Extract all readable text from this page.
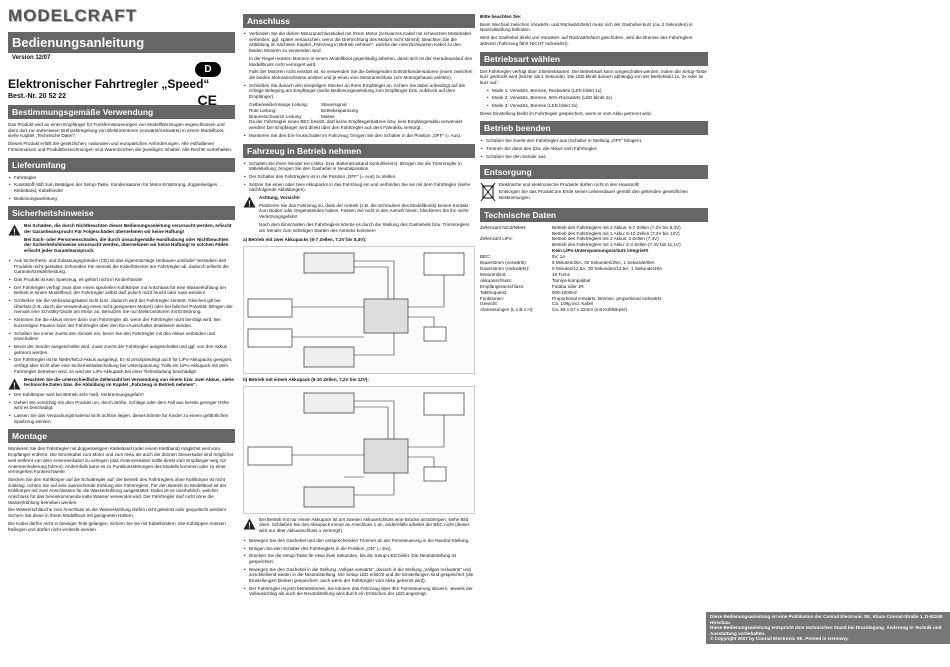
MODELCRAFT
Bedienungsanleitung
Version 12/07
D
Elektronischer Fahrtregler „Speed“
CE
Best.-Nr. 20 52 22
Bestimmungsgemäße Verwendung

Das Produkt wird an einen Empfänger für Funkfernsteuerungen von Modellfahrzeugen angeschlossen und dient dort zur stufenlosen Drehzahlregelung von Elektromotoren (vorwärts/rückwärts) in einem Modellboot, siehe Kapitel „Technische Daten“.

Dieses Produkt erfüllt die gesetzlichen, nationalen und europäischen Anforderungen. Alle enthaltenen Firmennamen und Produktbezeichnungen sind Warenzeichen der jeweiligen Inhaber. Alle Rechte vorbehalten.

Lieferumfang
• Fahrtregler
• Kunststoff-Stift zum Betätigen der Setup-Taste, Kondensatoren für Motor-Entstörung, doppelseitiges Klebeband, Kabelbinder
• Bedienungsanleitung
Sicherheitshinweise
!

Bei Schäden, die durch Nichtbeachten dieser Bedienungsanleitung verursacht werden, erlischt der Garantieanspruch! Für Folgeschäden übernehmen wir keine Haftung!

Bei Sach- oder Personenschäden, die durch unsachgemäße Handhabung oder Nichtbeachten der Sicherheitshinweise verursacht werden, übernehmen wir keine Haftung! In solchen Fällen erlischt jeder Garantieanspruch.

• Aus Sicherheits- und Zulassungsgründen (CE) ist das eigenmächtige Umbauen und/oder Verändern des Produkts nicht gestattet. Schneiden Sie niemals die Kabel/Stecker am Fahrtregler ab, dadurch erlischt die Garantie/Gewährleistung.
• Das Produkt ist kein Spielzeug, es gehört nicht in Kinderhände!
• Der Fahrtregler verfügt zwar über einen speziellen Kühlkörper mit Anschluss für eine Wasserkühlung bei Betrieb in einem Modellboot, der Fahrtregler selbst darf jedoch nicht feucht oder nass werden!
• Schließen Sie die Verbindungskabel nicht kurz, dadurch wird der Fahrtregler zerstört. Gleiches gilt bei Überlast (z.B. durch die Verwendung eines nicht geeigneten Motors) oder bei falscher Polarität. Bringen Sie niemals eine Schottky-Diode am Motor an. Benutzen Sie nur Elektromotoren mit Entstörung.
• Klemmen Sie die Akkus immer dann vom Fahrtregler ab, wenn der Fahrtregler nicht benötigt wird. Bei kurzzeitigen Pausen kann der Fahrtregler über den Ein-/Ausschalter deaktiviert werden.
• Schalten Sie immer zuerst den Sender ein, bevor Sie den Fahrtregler mit den Akkus verbinden und einschalten!
• Bevor der Sender ausgeschaltet wird, muss zuerst der Fahrtregler ausgeschaltet und ggf. von den Akkus getrennt werden.
• Der Fahrtregler ist für NiMH/NiCd-Akkus ausgelegt. Er ist prinzipbedingt auch für LiPo-Akkupacks geeignet, verfügt aber nicht über eine Sicherheitsabschaltung bei Unterspannung. Falls ein LiPo-Akkupack mit dem Fahrtregler betrieben wird, so wird der LiPo-Akkupack bei einer Tiefentladung beschädigt!
!

Beachten Sie die unterschiedliche Zellenzahl bei Verwendung von einem bzw. zwei Akkus, siehe technische Daten bzw. die Abbildung im Kapitel „Fahrzeug in Betrieb nehmen“.

• Der Kühlkörper wird bei Betrieb sehr heiß, Verbrennungsgefahr!
• Gehen Sie vorsichtig mit dem Produkt um, durch Stöße, Schläge oder dem Fall aus bereits geringer Höhe wird es beschädigt.
• Lassen Sie das Verpackungsmaterial nicht achtlos liegen, dieses könnte für Kinder zu einem gefährlichen Spielzeug werden.
Montage

Montieren Sie den Fahrtregler mit doppelseitigem Klebeband (oder einem Klettband) möglichst weit vom Empfänger entfernt. Die Stromkabel zum Motor und zum Akku als auch die dünnen Steuerkabel sind möglichst weit entfernt von dem Antennenkabel zu verlegen (das Antennenkabel sollte direkt vom Empfänger weg zur Antennenhalterung führen). Andernfalls kann es zu Funktionsstörungen des Modells kommen oder zu einer verringerten Funkreichweite.

Stecken Sie den Kühlkörper auf die Schaltregler auf; der Betrieb des Fahrtreglers ohne Kühlkörper ist nicht zulässig. Achten Sie auf eine ausreichende Kühlung des Fahrtreglers. Für den Betrieb im Modellboot ist der Kühlkörper mit zwei Anschlüssen für die Wasserkühlung ausgestattet. Dabei ist es unerheblich, welcher Anschluss für das hereinkommende kalte Wasser verwendet wird. Der Fahrtregler darf nicht ohne die Wasserkühlung betrieben werden.

Die Wasserschläuche zum Anschluss an die Wasserkühlung dürfen nicht geknickt oder gequetscht werden! Sichern Sie diese in Ihrem Modellboot mit geeigneten Haltern.

Die Kabel dürfen nicht in bewegte Teile gelangen; sichern Sie sie mit Kabelbindern. Die Kühlrippen müssen freiliegen und dürfen nicht verdeckt werden.

Anschluss
• Verbinden Sie die dicken Motoranschlusskabel mit Ihrem Motor (schwarzes Kabel mit schwarzem Motorkabel verbinden; ggf. später vertauschen, wenn die Drehrichtung des Motors nicht stimmt). Beachten Sie die Abbildung im nächsten Kapitel „Fahrzeug in Betrieb nehmen“, welche der roten/schwarzen Kabel zu den beiden Motoren zu verwenden sind.

In der Regel müssen Motoren in einem Modellboot gegenläufig arbeiten, damit sich ist der Geradeauslauf des Modellboots nicht verringert wird.

Falls der Motoren nicht entstört ist, so verwenden Sie die beiliegenden Entstörkondensatoren (einen zwischen die beiden Motoranschlüsse anlöten und je einen vom Motoranschluss zum Motorgehäuse anlöten).

• Schließen Sie danach den dreipoligen Stecker an Ihren Empfänger an. Achten Sie dabei unbedingt auf die richtige Belegung am Empfänger (siehe Bedienungsanleitung zum Empfänger bzw. Aufdruck auf dem Empfänger).
Gelbe/weiße/orange Leitung:	Steuersignal
Rote Leitung:	Betriebsspannung
Braune/schwarze Leitung:	Masse

Da der Fahrtregler einen BEC besitzt, darf keine Empfängerbatterie bzw. kein Empfängerakku verwendet werden! Der Empfänger wird direkt über den Fahrtregler aus dem Fahrakku versorgt.

• Montieren Sie den Ein-/Ausschalter im Fahrzeug; bringen Sie den Schalter in die Position „OFF“ (= Aus).
Fahrzeug in Betrieb nehmen
• Schalten Sie Ihren Sender ein (Akku- bzw. Batteriezustand kontrollieren!). Bringen Sie die Trimmregler in Mittelstellung; bringen Sie den Gashebel in Neutralposition.
• Der Schalter des Fahrtreglers ist in die Position „OFF“ (= Aus) zu stellen.
• Setzen Sie einen oder zwei Akkupacks in das Fahrzeug ein und verbinden Sie sie mit dem Fahrtregler (siehe nachfolgende Abbildungen).
!

Achtung, Vorsicht!

Platzieren Sie das Fahrzeug so, dass der Antrieb (z.B. die Schrauben des Modellboots) keinen Kontakt zum Boden oder Gegenständen haben. Fassen Sie nicht in den Antrieb hinein, blockieren Sie ihn nicht! Verletzungsgefahr!

Nach dem Einschalten des Fahrtreglers könnte es durch die Stellung des Gashebels bzw. Trimmreglers am Sender zum sofortigen Starten des Antriebs kommen!

a) Betrieb mit zwei Akkupacks (6-7 Zellen, 7,2V bis 8,4V):

b) Betrieb mit einem Akkupack (6-10 Zellen, 7,2V bis 12V):

!

Bei Betrieb mit nur einem Akkupack ist am zweiten Akkuanschluss eine Brücke anzubringen, siehe Bild oben. Schließen Sie den Akkupack immer an Anschluss 1 an, andernfalls arbeitet der BEC nicht (dieser wird nur über Akkuanschluss 1 versorgt!).

• Bewegen Sie den Gashebel und den entsprechenden Trimmer an der Fernsteuerung in die Neutral-Stellung.
• Bringen Sie den Schalter des Fahrtreglers in die Position „ON“ (= Ein).
• Drücken Sie die Setup-Taste für etwa zwei Sekunden, bis die Setup-LED blinkt. Die Neutralstellung ist gespeichert.
• Bewegen Sie den Gashebel in die Stellung „Vollgas vorwärts“, danach in die Stellung „Vollgas rückwärts“ und anschließend wieder in die Neutralstellung. Die Setup-LED erlischt und die Einstellungen sind gespeichert (die Einstellungen bleiben gespeichert, auch wenn der Fahrtregler vom Akku getrennt wird).
• Der Fahrtregler ist jetzt betriebsbereit. Sie können das Fahrzeug über Ihre Fernsteuerung steuern. Jeweils der Vollausschlag als auch die Neutralstellung wird durch ein Erlöschen der LED angezeigt.

Bitte beachten Sie:

Beim Wechsel zwischen Vorwärts- und Rückwärtsfahrt muss sich der Gashebel kurz (ca. 2 Sekunden) in Neutralstellung befinden.

Wird der Gashebel direkt von Vorwärts- auf Rückwärtsfahrt geschoben, wird die Bremse des Fahrreglers aktiviert (Fahrzeug fährt NICHT rückwärts!).

Betriebsart wählen

Der Fahrtregler verfügt über 3 Betriebsarten. Die Betriebsart kann umgeschaltet werden, indem die Setup-Taste kurz gedrückt wird (kürzer als 1 Sekunde). Die LED blinkt danach abhängig von der Betriebsart 1x, 2x oder 3x kurz auf:

• Mode 1: Vorwärts, Bremse, Rückwärts (LED blinkt 1x)
• Mode 2: Vorwärts, Bremse, 50% Rückwärts (LED blinkt 2x)
• Mode 3: Vorwärts, Bremse (LED blinkt 3x)

Diese Einstellung bleibt im Fahrtregler gespeichert, wenn er vom Akku getrennt wird.

Betrieb beenden
• Schalten Sie zuerst den Fahrtregler aus (Schalter in Stellung „OFF“ bringen).
• Trennen Sie dann den bzw. die Akkus vom Fahrtregler.
• Schalten Sie den Sender aus.
Entsorgung

Elektrische und elektronische Produkte dürfen nicht in den Hausmüll!

Entsorgen Sie das Produkt am Ende seiner Lebensdauer gemäß den geltenden gesetzlichen Bestimmungen.

Technische Daten
Zellenzahl NiCd/NiMH:	Betrieb des Fahrtreglers mit 2 Akkus: 6-7 Zellen (7,2V bis 8,4V)
Betrieb des Fahrtreglers mit 1 Akku: 6-10 Zellen (7,2V bis 12V)
Zellenzahl LiPo:	Betrieb des Fahrtreglers mit 2 Akkus: 2 Zellen (7,4V)
Betrieb des Fahrtreglers mit 1 Akku: 2-3 Zellen (7,4V bis 11,1V)
Kein LiPo-Unterspannungsschutz integriert!
BEC:	5V, 1A
Dauerstrom (vorwärts):	5 Minuten/25A, 30 Sekunden/25A, 1 Sekunde/80A
Dauerstrom (rückwärts):	5 Minuten/12,5A, 30 Sekunden/12,5A, 1 Sekunde/40A
Motorenlimit:	19 Turns
Akkuanschluss:	Tamiya-kompatibel
Empfängeranschluss:	Futaba oder JR
Taktfrequenz:	500-1000Hz
Funktionen:	Proportional vorwärts, Bremse, proportional rückwärts
Gewicht:	Ca. 109g incl. Kabel
Abmessungen (L x B x H):	Ca. 56 x 57 x 32mm (mit Kühlkörper)
Diese Bedienungsanleitung ist eine Publikation der Conrad Electronic SE, Klaus-Conrad-Straße 1, D-92240 Hirschau.
Diese Bedienungsanleitung entspricht dem technischen Stand bei Drucklegung. Änderung in Technik und Ausstattung vorbehalten.
© Copyright 2007 by Conrad Electronic SE. Printed in Germany.
